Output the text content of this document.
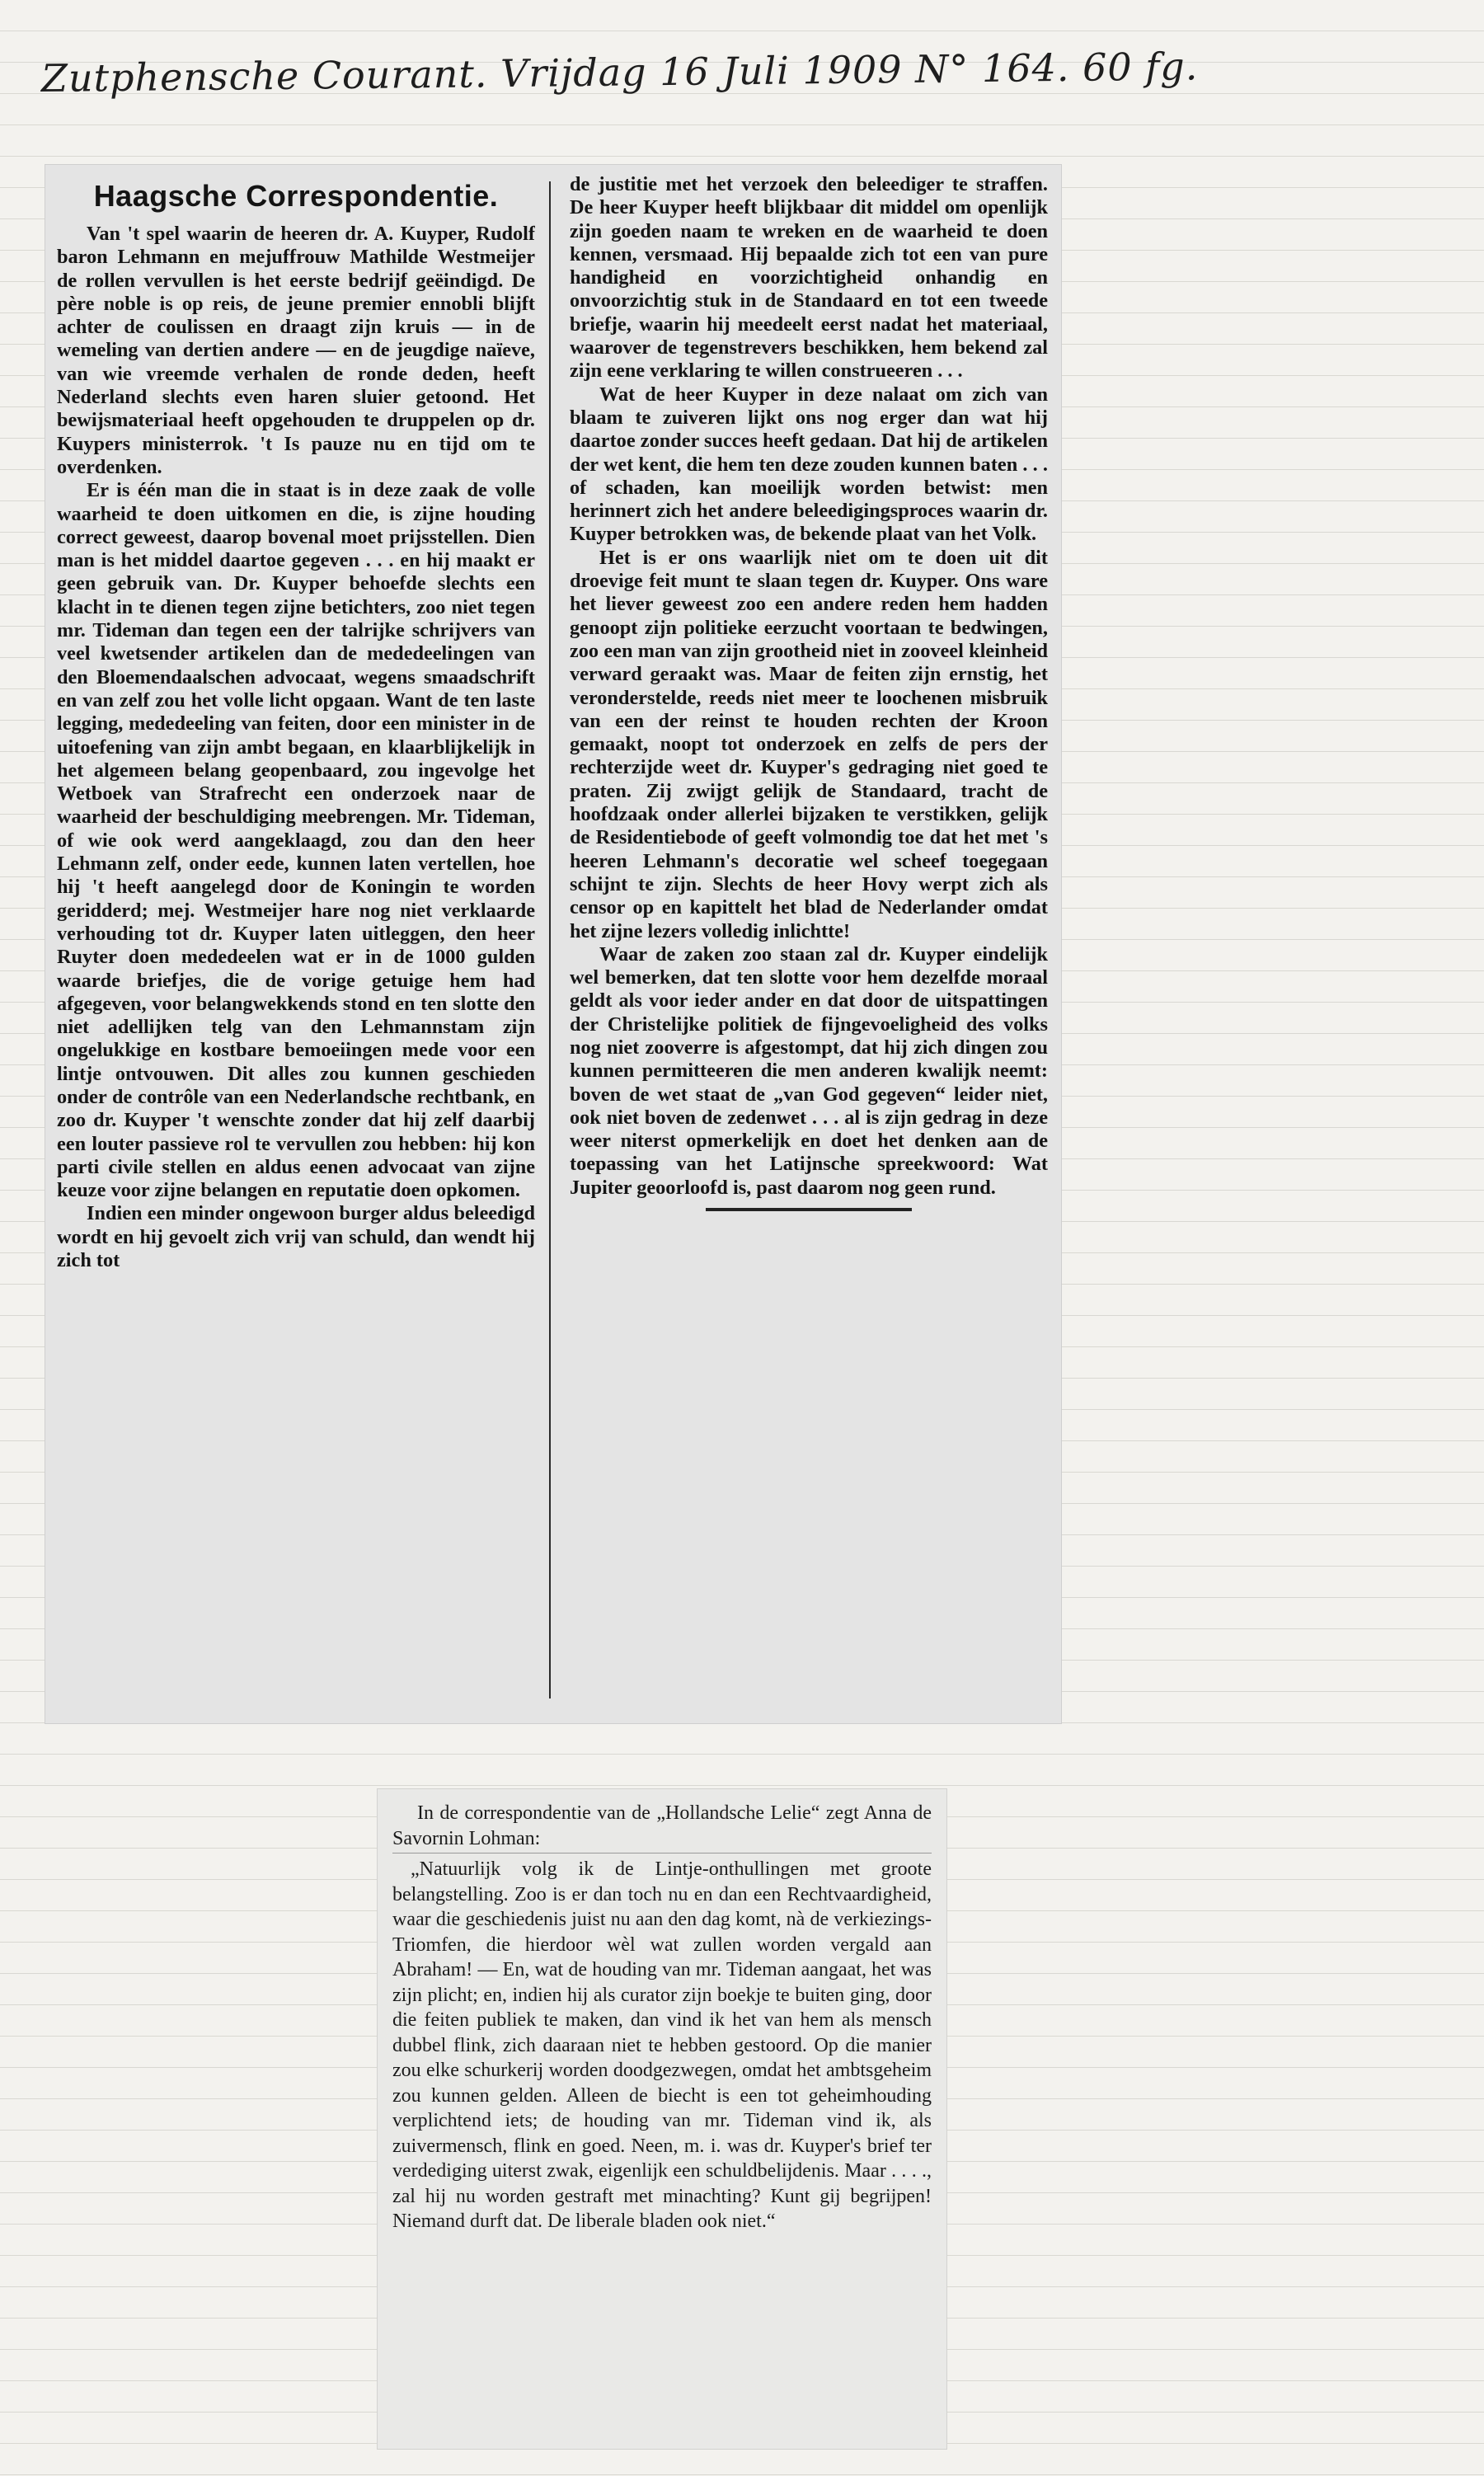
Zutphensche Courant. Vrijdag 16 Juli 1909 N° 164. 60 fg.
Haagsche Correspondentie.

Van 't spel waarin de heeren dr. A. Kuyper, Rudolf baron Lehmann en mejuffrouw Mathilde Westmeijer de rollen vervullen is het eerste bedrijf geëindigd. De père noble is op reis, de jeune premier ennobli blijft achter de coulissen en draagt zijn kruis — in de wemeling van dertien andere — en de jeugdige naïeve, van wie vreemde verhalen de ronde deden, heeft Nederland slechts even haren sluier getoond. Het bewijsmateriaal heeft opgehouden te druppelen op dr. Kuypers ministerrok. 't Is pauze nu en tijd om te overdenken.

Er is één man die in staat is in deze zaak de volle waarheid te doen uitkomen en die, is zijne houding correct geweest, daarop bovenal moet prijsstellen. Dien man is het middel daartoe gegeven . . . en hij maakt er geen gebruik van. Dr. Kuyper behoefde slechts een klacht in te dienen tegen zijne betichters, zoo niet tegen mr. Tideman dan tegen een der talrijke schrijvers van veel kwetsender artikelen dan de mededeelingen van den Bloemendaalschen advocaat, wegens smaadschrift en van zelf zou het volle licht opgaan. Want de ten laste legging, mededeeling van feiten, door een minister in de uitoefening van zijn ambt begaan, en klaarblijkelijk in het algemeen belang geopenbaard, zou ingevolge het Wetboek van Strafrecht een onderzoek naar de waarheid der beschuldiging meebrengen. Mr. Tideman, of wie ook werd aangeklaagd, zou dan den heer Lehmann zelf, onder eede, kunnen laten vertellen, hoe hij 't heeft aangelegd door de Koningin te worden geridderd; mej. Westmeijer hare nog niet verklaarde verhouding tot dr. Kuyper laten uitleggen, den heer Ruyter doen mededeelen wat er in de 1000 gulden waarde briefjes, die de vorige getuige hem had afgegeven, voor belangwekkends stond en ten slotte den niet adellijken telg van den Lehmannstam zijn ongelukkige en kostbare bemoeiingen mede voor een lintje ontvouwen. Dit alles zou kunnen geschieden onder de contrôle van een Nederlandsche rechtbank, en zoo dr. Kuyper 't wenschte zonder dat hij zelf daarbij een louter passieve rol te vervullen zou hebben: hij kon parti civile stellen en aldus eenen advocaat van zijne keuze voor zijne belangen en reputatie doen opkomen.

Indien een minder ongewoon burger aldus beleedigd wordt en hij gevoelt zich vrij van schuld, dan wendt hij zich tot

de justitie met het verzoek den beleediger te straffen. De heer Kuyper heeft blijkbaar dit middel om openlijk zijn goeden naam te wreken en de waarheid te doen kennen, versmaad. Hij bepaalde zich tot een van pure handigheid en voorzichtigheid onhandig en onvoorzichtig stuk in de Standaard en tot een tweede briefje, waarin hij meedeelt eerst nadat het materiaal, waarover de tegenstrevers beschikken, hem bekend zal zijn eene verklaring te willen construeeren . . .

Wat de heer Kuyper in deze nalaat om zich van blaam te zuiveren lijkt ons nog erger dan wat hij daartoe zonder succes heeft gedaan. Dat hij de artikelen der wet kent, die hem ten deze zouden kunnen baten . . . of schaden, kan moeilijk worden betwist: men herinnert zich het andere beleedigingsproces waarin dr. Kuyper betrokken was, de bekende plaat van het Volk.

Het is er ons waarlijk niet om te doen uit dit droevige feit munt te slaan tegen dr. Kuyper. Ons ware het liever geweest zoo een andere reden hem hadden genoopt zijn politieke eerzucht voortaan te bedwingen, zoo een man van zijn grootheid niet in zooveel kleinheid verward geraakt was. Maar de feiten zijn ernstig, het veronderstelde, reeds niet meer te loochenen misbruik van een der reinst te houden rechten der Kroon gemaakt, noopt tot onderzoek en zelfs de pers der rechterzijde weet dr. Kuyper's gedraging niet goed te praten. Zij zwijgt gelijk de Standaard, tracht de hoofdzaak onder allerlei bijzaken te verstikken, gelijk de Residentiebode of geeft volmondig toe dat het met 's heeren Lehmann's decoratie wel scheef toegegaan schijnt te zijn. Slechts de heer Hovy werpt zich als censor op en kapittelt het blad de Nederlander omdat het zijne lezers volledig inlichtte!

Waar de zaken zoo staan zal dr. Kuyper eindelijk wel bemerken, dat ten slotte voor hem dezelfde moraal geldt als voor ieder ander en dat door de uitspattingen der Christelijke politiek de fijngevoeligheid des volks nog niet zooverre is afgestompt, dat hij zich dingen zou kunnen permitteeren die men anderen kwalijk neemt: boven de wet staat de „van God gegeven“ leider niet, ook niet boven de zedenwet . . . al is zijn gedrag in deze weer niterst opmerkelijk en doet het denken aan de toepassing van het Latijnsche spreekwoord: Wat Jupiter geoorloofd is, past daarom nog geen rund.

In de correspondentie van de „Hollandsche Lelie“ zegt Anna de Savornin Lohman:

„Natuurlijk volg ik de Lintje-onthullingen met groote belangstelling. Zoo is er dan toch nu en dan een Rechtvaardigheid, waar die geschiedenis juist nu aan den dag komt, nà de verkiezings-Triomfen, die hierdoor wèl wat zullen worden vergald aan Abraham! — En, wat de houding van mr. Tideman aangaat, het was zijn plicht; en, indien hij als curator zijn boekje te buiten ging, door die feiten publiek te maken, dan vind ik het van hem als mensch dubbel flink, zich daaraan niet te hebben gestoord. Op die manier zou elke schurkerij worden doodgezwegen, omdat het ambtsgeheim zou kunnen gelden. Alleen de biecht is een tot geheimhouding verplichtend iets; de houding van mr. Tideman vind ik, als zuivermensch, flink en goed. Neen, m. i. was dr. Kuyper's brief ter verdediging uiterst zwak, eigenlijk een schuldbelijdenis. Maar . . . ., zal hij nu worden gestraft met minachting? Kunt gij begrijpen! Niemand durft dat. De liberale bladen ook niet.“
